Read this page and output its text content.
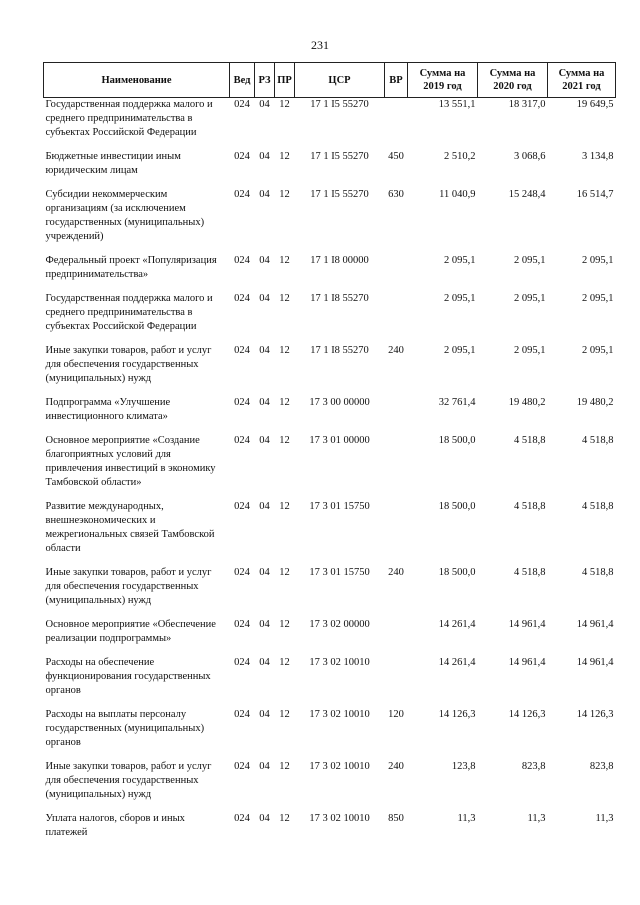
231
Наименование	Вед	РЗ	ПР	ЦСР	ВР	Сумма на 2019 год	Сумма на 2020 год	Сумма на 2021 год
Государственная поддержка малого и среднего предпринимательства в субъектах Российской Федерации	024	04	12	17 1 I5 55270		13 551,1	18 317,0	19 649,5

Бюджетные инвестиции иным юридическим лицам	024	04	12	17 1 I5 55270	450	2 510,2	3 068,6	3 134,8

Субсидии некоммерческим организациям (за исключением государственных (муниципальных) учреждений)	024	04	12	17 1 I5 55270	630	11 040,9	15 248,4	16 514,7

Федеральный проект «Популяризация предпринимательства»	024	04	12	17 1 I8 00000		2 095,1	2 095,1	2 095,1

Государственная поддержка малого и среднего предпринимательства в субъектах Российской Федерации	024	04	12	17 1 I8 55270		2 095,1	2 095,1	2 095,1

Иные закупки товаров, работ и услуг для обеспечения государственных (муниципальных) нужд	024	04	12	17 1 I8 55270	240	2 095,1	2 095,1	2 095,1

Подпрограмма «Улучшение инвестиционного климата»	024	04	12	17 3 00 00000		32 761,4	19 480,2	19 480,2

Основное мероприятие «Создание благоприятных условий для привлечения инвестиций в экономику Тамбовской области»	024	04	12	17 3 01 00000		18 500,0	4 518,8	4 518,8

Развитие международных, внешнеэкономических и межрегиональных связей Тамбовской области	024	04	12	17 3 01 15750		18 500,0	4 518,8	4 518,8

Иные закупки товаров, работ и услуг для обеспечения государственных (муниципальных) нужд	024	04	12	17 3 01 15750	240	18 500,0	4 518,8	4 518,8

Основное мероприятие «Обеспечение реализации подпрограммы»	024	04	12	17 3 02 00000		14 261,4	14 961,4	14 961,4

Расходы на обеспечение функционирования государственных органов	024	04	12	17 3 02 10010		14 261,4	14 961,4	14 961,4

Расходы на выплаты персоналу государственных (муниципальных) органов	024	04	12	17 3 02 10010	120	14 126,3	14 126,3	14 126,3

Иные закупки товаров, работ и услуг для обеспечения государственных (муниципальных) нужд	024	04	12	17 3 02 10010	240	123,8	823,8	823,8

Уплата налогов, сборов и иных платежей	024	04	12	17 3 02 10010	850	11,3	11,3	11,3
